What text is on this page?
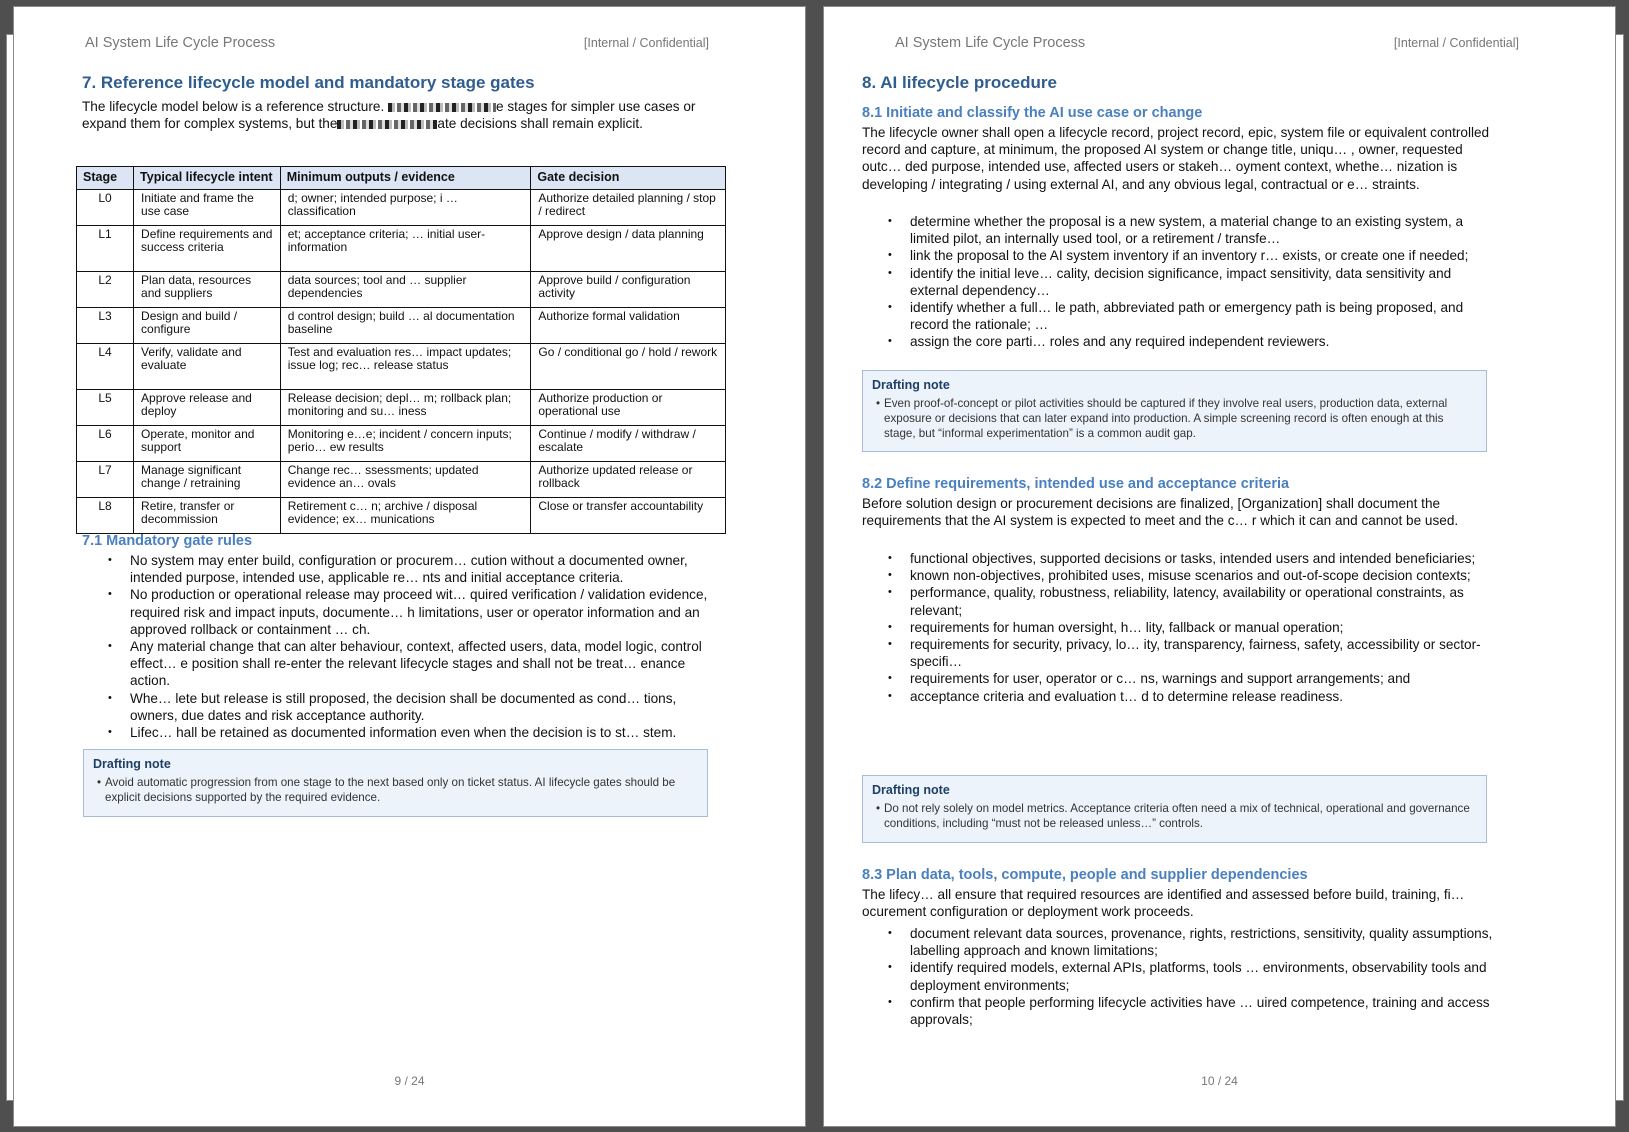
AI System Life Cycle Process	[Internal / Confidential]
7. Reference lifecycle model and mandatory stage gates

The lifecycle model below is a reference structure.	e stages for simpler use cases or expand them for complex systems, but the	ate decisions shall remain explicit.

Stage	Typical lifecycle intent	Minimum outputs / evidence	Gate decision
L0	Initiate and frame the use case	d; owner; intended purpose; i … classification	Authorize detailed planning / stop / redirect
L1	Define requirements and success criteria	et; acceptance criteria; … initial user-information	Approve design / data planning
L2	Plan data, resources and suppliers	data sources; tool and … supplier dependencies	Approve build / configuration activity
L3	Design and build / configure	d control design; build … al documentation baseline	Authorize formal validation
L4	Verify, validate and evaluate	Test and evaluation res… impact updates; issue log; rec… release status	Go / conditional go / hold / rework
L5	Approve release and deploy	Release decision; depl… m; rollback plan; monitoring and su… iness	Authorize production or operational use
L6	Operate, monitor and support	Monitoring e…e; incident / concern inputs; perio… ew results	Continue / modify / withdraw / escalate
L7	Manage significant change / retraining	Change rec… ssessments; updated evidence an… ovals	Authorize updated release or rollback
L8	Retire, transfer or decommission	Retirement c… n; archive / disposal evidence; ex… munications	Close or transfer accountability
7.1 Mandatory gate rules
• No system may enter build, configuration or procurem… cution without a documented owner, intended purpose, intended use, applicable re… nts and initial acceptance criteria.
• No production or operational release may proceed wit… quired verification / validation evidence, required risk and impact inputs, documente… h limitations, user or operator information and an approved rollback or containment … ch.
• Any material change that can alter behaviour, context, affected users, data, model logic, control effect… e position shall re-enter the relevant lifecycle stages and shall not be treat… enance action.
• Whe… lete but release is still proposed, the decision shall be documented as cond… tions, owners, due dates and risk acceptance authority.
• Lifec… hall be retained as documented information even when the decision is to st… stem.
Drafting note
• Avoid automatic progression from one stage to the next based only on ticket status. AI lifecycle gates should be explicit decisions supported by the required evidence.
9 / 24
AI System Life Cycle Process	[Internal / Confidential]
8. AI lifecycle procedure
8.1 Initiate and classify the AI use case or change

The lifecycle owner shall open a lifecycle record, project record, epic, system file or equivalent controlled record and capture, at minimum, the proposed AI system or change title, uniqu… , owner, requested outc… ded purpose, intended use, affected users or stakeh… oyment context, whethe… nization is developing / integrating / using external AI, and any obvious legal, contractual or e… straints.

• determine whether the proposal is a new system, a material change to an existing system, a limited pilot, an internally used tool, or a retirement / transfe…
• link the proposal to the AI system inventory if an inventory r… exists, or create one if needed;
• identify the initial leve… cality, decision significance, impact sensitivity, data sensitivity and external dependency…
• identify whether a full… le path, abbreviated path or emergency path is being proposed, and record the rationale; …
• assign the core parti… roles and any required independent reviewers.
Drafting note
• Even proof-of-concept or pilot activities should be captured if they involve real users, production data, external exposure or decisions that can later expand into production. A simple screening record is often enough at this stage, but “informal experimentation” is a common audit gap.
8.2 Define requirements, intended use and acceptance criteria

Before solution design or procurement decisions are finalized, [Organization] shall document the requirements that the AI system is expected to meet and the c… r which it can and cannot be used.

• functional objectives, supported decisions or tasks, intended users and intended beneficiaries;
• known non-objectives, prohibited uses, misuse scenarios and out-of-scope decision contexts;
• performance, quality, robustness, reliability, latency, availability or operational constraints, as relevant;
• requirements for human oversight, h… lity, fallback or manual operation;
• requirements for security, privacy, lo… ity, transparency, fairness, safety, accessibility or sector-specifi…
• requirements for user, operator or c… ns, warnings and support arrangements; and
• acceptance criteria and evaluation t… d to determine release readiness.
Drafting note
• Do not rely solely on model metrics. Acceptance criteria often need a mix of technical, operational and governance conditions, including “must not be released unless…” controls.
8.3 Plan data, tools, compute, people and supplier dependencies

The lifecy… all ensure that required resources are identified and assessed before build, training, fi… ocurement configuration or deployment work proceeds.

• document relevant data sources, provenance, rights, restrictions, sensitivity, quality assumptions, labelling approach and known limitations;
• identify required models, external APIs, platforms, tools … environments, observability tools and deployment environments;
• confirm that people performing lifecycle activities have … uired competence, training and access approvals;
10 / 24
